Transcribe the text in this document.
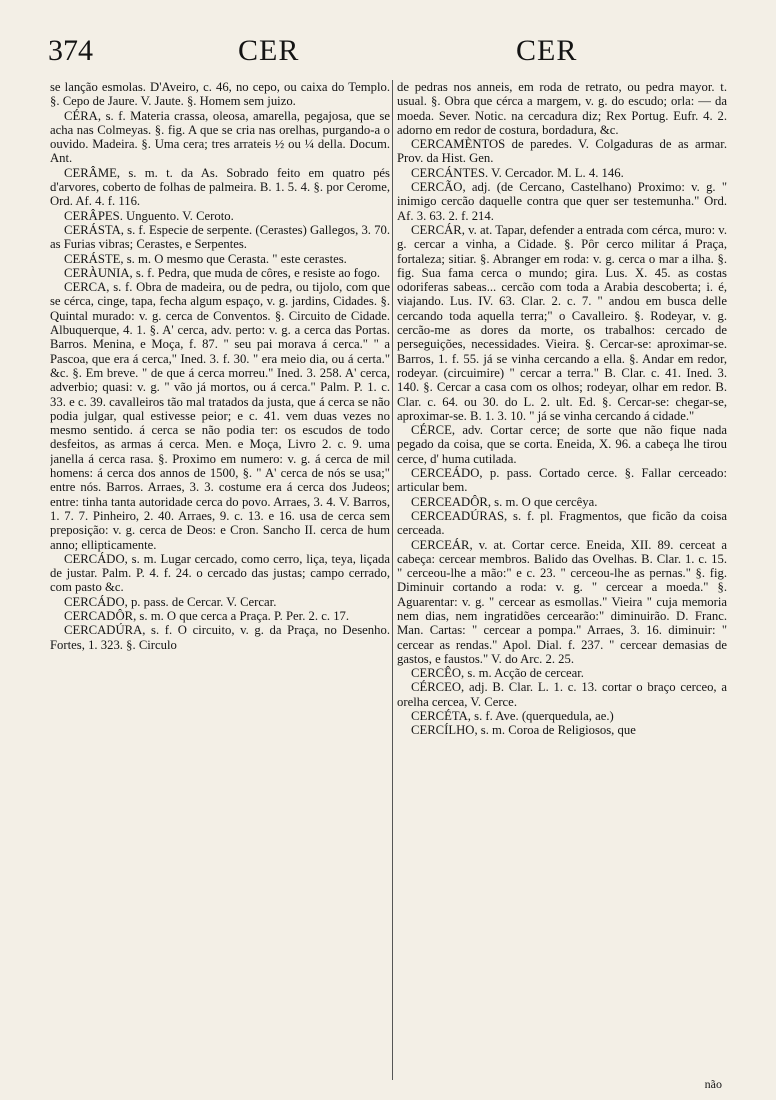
374	CER	CER

se lanção esmolas. D'Aveiro, c. 46, no cepo, ou caixa do Templo. §. Cepo de Jaure. V. Jaute. §. Homem sem juizo.

CÉRA, s. f. Materia crassa, oleosa, amarella, pegajosa, que se acha nas Colmeyas. §. fig. A que se cria nas orelhas, purgando-a o ouvido. Madeira. §. Uma cera; tres arrateis ½ ou ¼ della. Docum. Ant.

CERÂME, s. m. t. da As. Sobrado feito em quatro pés d'arvores, coberto de folhas de palmeira. B. 1. 5. 4. §. por Cerome, Ord. Af. 4. f. 116.

CERÂPES. Unguento. V. Ceroto.

CERÁSTA, s. f. Especie de serpente. (Cerastes) Gallegos, 3. 70. as Furias vibras; Cerastes, e Serpentes.

CERÁSTE, s. m. O mesmo que Cerasta. " este cerastes.

CERÀUNIA, s. f. Pedra, que muda de côres, e resiste ao fogo.

CERCA, s. f. Obra de madeira, ou de pedra, ou tijolo, com que se cérca, cinge, tapa, fecha algum espaço, v. g. jardins, Cidades. §. Quintal murado: v. g. cerca de Conventos. §. Circuito de Cidade. Albuquerque, 4. 1. §. A' cerca, adv. perto: v. g. a cerca das Portas. Barros. Menina, e Moça, f. 87. " seu pai morava á cerca." " a Pascoa, que era á cerca," Ined. 3. f. 30. " era meio dia, ou á certa." &c. §. Em breve. " de que á cerca morreu." Ined. 3. 258. A' cerca, adverbio; quasi: v. g. " vão já mortos, ou á cerca." Palm. P. 1. c. 33. e c. 39. cavalleiros tão mal tratados da justa, que á cerca se não podia julgar, qual estivesse peior; e c. 41. vem duas vezes no mesmo sentido. á cerca se não podia ter: os escudos de todo desfeitos, as armas á cerca. Men. e Moça, Livro 2. c. 9. uma janella á cerca rasa. §. Proximo em numero: v. g. á cerca de mil homens: á cerca dos annos de 1500, §. " A' cerca de nós se usa;" entre nós. Barros. Arraes, 3. 3. costume era á cerca dos Judeos; entre: tinha tanta autoridade cerca do povo. Arraes, 3. 4. V. Barros, 1. 7. 7. Pinheiro, 2. 40. Arraes, 9. c. 13. e 16. usa de cerca sem preposição: v. g. cerca de Deos: e Cron. Sancho II. cerca de hum anno; ellipticamente.

CERCÁDO, s. m. Lugar cercado, como cerro, liça, teya, liçada de justar. Palm. P. 4. f. 24. o cercado das justas; campo cerrado, com pasto &c.

CERCÁDO, p. pass. de Cercar. V. Cercar.

CERCADÔR, s. m. O que cerca a Praça. P. Per. 2. c. 17.

CERCADÚRA, s. f. O circuito, v. g. da Praça, no Desenho. Fortes, 1. 323. §. Circulo

de pedras nos anneis, em roda de retrato, ou pedra mayor. t. usual. §. Obra que cérca a margem, v. g. do escudo; orla: — da moeda. Sever. Notic. na cercadura diz; Rex Portug. Eufr. 4. 2. adorno em redor de costura, bordadura, &c.

CERCAMÈNTOS de paredes. V. Colgaduras de as armar. Prov. da Hist. Gen.

CERCÁNTES. V. Cercador. M. L. 4. 146.

CERCÃO, adj. (de Cercano, Castelhano) Proximo: v. g. " inimigo cercão daquelle contra que quer ser testemunha." Ord. Af. 3. 63. 2. f. 214.

CERCÁR, v. at. Tapar, defender a entrada com cérca, muro: v. g. cercar a vinha, a Cidade. §. Pôr cerco militar á Praça, fortaleza; sitiar. §. Abranger em roda: v. g. cerca o mar a ilha. §. fig. Sua fama cerca o mundo; gira. Lus. X. 45. as costas odoriferas sabeas... cercão com toda a Arabia descoberta; i. é, viajando. Lus. IV. 63. Clar. 2. c. 7. " andou em busca delle cercando toda aquella terra;" o Cavalleiro. §. Rodeyar, v. g. cercão-me as dores da morte, os trabalhos: cercado de perseguições, necessidades. Vieira. §. Cercar-se: aproximar-se. Barros, 1. f. 55. já se vinha cercando a ella. §. Andar em redor, rodeyar. (circuimire) " cercar a terra." B. Clar. c. 41. Ined. 3. 140. §. Cercar a casa com os olhos; rodeyar, olhar em redor. B. Clar. c. 64. ou 30. do L. 2. ult. Ed. §. Cercar-se: chegar-se, aproximar-se. B. 1. 3. 10. " já se vinha cercando á cidade."

CÉRCE, adv. Cortar cerce; de sorte que não fique nada pegado da coisa, que se corta. Eneida, X. 96. a cabeça lhe tirou cerce, d' huma cutilada.

CERCEÁDO, p. pass. Cortado cerce. §. Fallar cerceado: articular bem.

CERCEADÔR, s. m. O que cercêya.

CERCEADÚRAS, s. f. pl. Fragmentos, que ficão da coisa cerceada.

CERCEÁR, v. at. Cortar cerce. Eneida, XII. 89. cerceat a cabeça: cercear membros. Balido das Ovelhas. B. Clar. 1. c. 15. " cerceou-lhe a mão:" e c. 23. " cerceou-lhe as pernas." §. fig. Diminuir cortando a roda: v. g. " cercear a moeda." §. Aguarentar: v. g. " cercear as esmollas." Vieira " cuja memoria nem dias, nem ingratidões cercearão:" diminuirão. D. Franc. Man. Cartas: " cercear a pompa." Arraes, 3. 16. diminuir: " cercear as rendas." Apol. Dial. f. 237. " cercear demasias de gastos, e faustos." V. do Arc. 2. 25.

CERCÊO, s. m. Acção de cercear.

CÉRCEO, adj. B. Clar. L. 1. c. 13. cortar o braço cerceo, a orelha cercea, V. Cerce.

CERCÉTA, s. f. Ave. (querquedula, ae.)

CERCÍLHO, s. m. Coroa de Religiosos, que

não
